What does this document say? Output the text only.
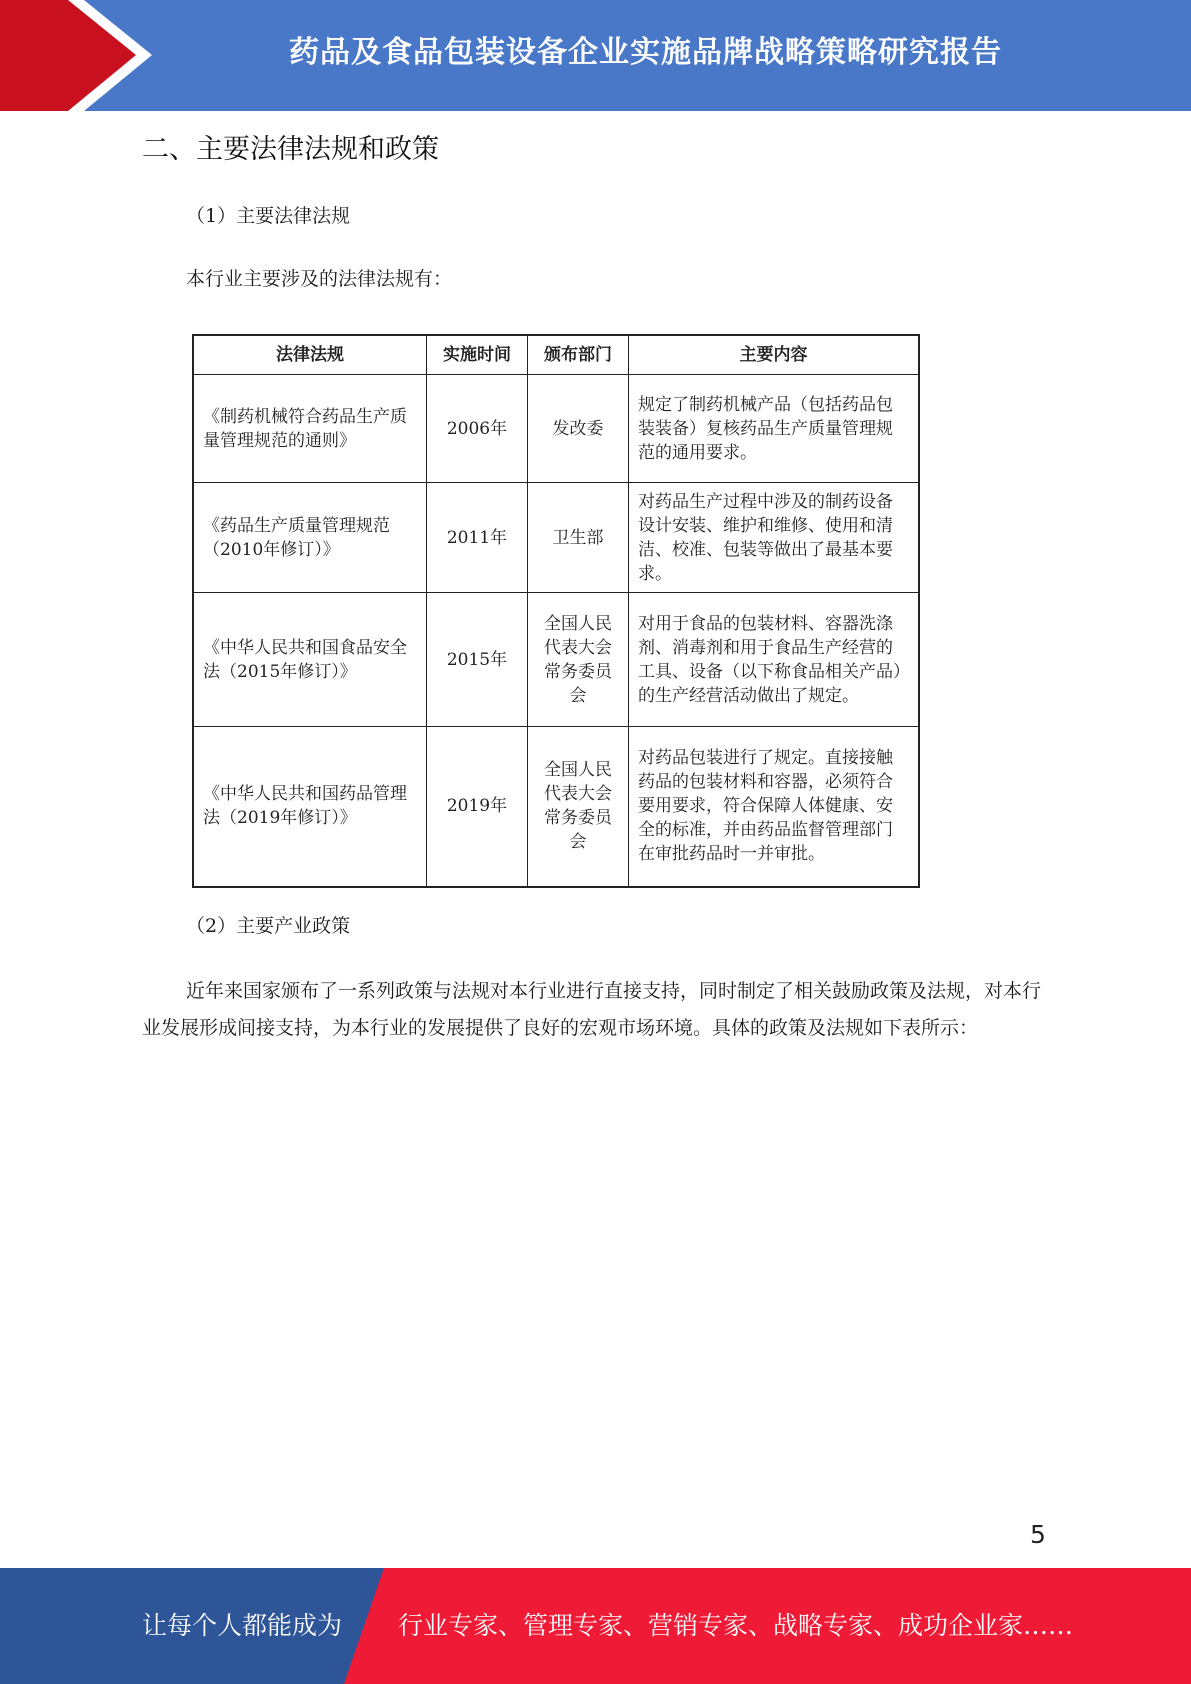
药品及食品包装设备企业实施品牌战略策略研究报告
二、主要法律法规和政策
（1）主要法律法规
本行业主要涉及的法律法规有：
法律法规	实施时间	颁布部门	主要内容
《制药机械符合药品生产质量管理规范的通则》	2006年	发改委	规定了制药机械产品（包括药品包装装备）复核药品生产质量管理规范的通用要求。
《药品生产质量管理规范（2010年修订）》	2011年	卫生部	对药品生产过程中涉及的制药设备设计安装、维护和维修、使用和清洁、校准、包装等做出了最基本要求。
《中华人民共和国食品安全法（2015年修订）》	2015年	全国人民代表大会常务委员会	对用于食品的包装材料、容器洗涤剂、消毒剂和用于食品生产经营的工具、设备（以下称食品相关产品）的生产经营活动做出了规定。
《中华人民共和国药品管理法（2019年修订）》	2019年	全国人民代表大会常务委员会	对药品包装进行了规定。直接接触药品的包装材料和容器，必须符合要用要求，符合保障人体健康、安全的标准，并由药品监督管理部门在审批药品时一并审批。
（2）主要产业政策
近年来国家颁布了一系列政策与法规对本行业进行直接支持，同时制定了相关鼓励政策及法规，对本行业发展形成间接支持，为本行业的发展提供了良好的宏观市场环境。具体的政策及法规如下表所示：
5
让每个人都能成为 行业专家、管理专家、营销专家、战略专家、成功企业家……
